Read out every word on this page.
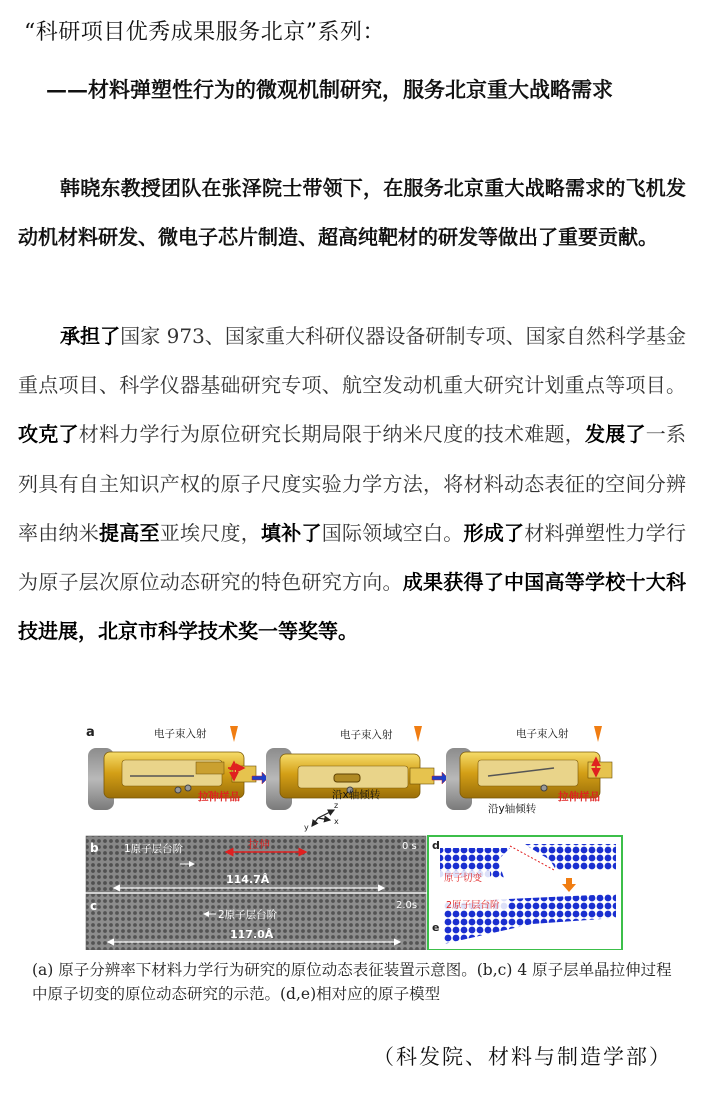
“科研项目优秀成果服务北京”系列：
——材料弹塑性行为的微观机制研究，服务北京重大战略需求
韩晓东教授团队在张泽院士带领下，在服务北京重大战略需求的飞机发动机材料研发、微电子芯片制造、超高纯靶材的研发等做出了重要贡献。
承担了国家 973、国家重大科研仪器设备研制专项、国家自然科学基金重点项目、科学仪器基础研究专项、航空发动机重大研究计划重点等项目。攻克了材料力学行为原位研究长期局限于纳米尺度的技术难题，发展了一系列具有自主知识产权的原子尺度实验力学方法，将材料动态表征的空间分辨率由纳米提高至亚埃尺度，填补了国际领域空白。形成了材料弹塑性力学行为原子层次原位动态研究的特色研究方向。成果获得了中国高等学校十大科技进展，北京市科学技术奖一等奖等。
a	电子束入射
拉伸样品
电子束入射
z
x
y
沿x轴倾转
电子束入射
拉伸样品
沿y轴倾转
b 1原子层台阶	拉伸	0 s
114.7Å
c
2原子层台阶
2.0s
117.0Å
d
原子切变
e
2原子层台阶
(a) 原子分辨率下材料力学行为研究的原位动态表征装置示意图。(b,c) 4 原子层单晶拉伸过程中原子切变的原位动态研究的示范。(d,e)相对应的原子模型
（科发院、材料与制造学部）
